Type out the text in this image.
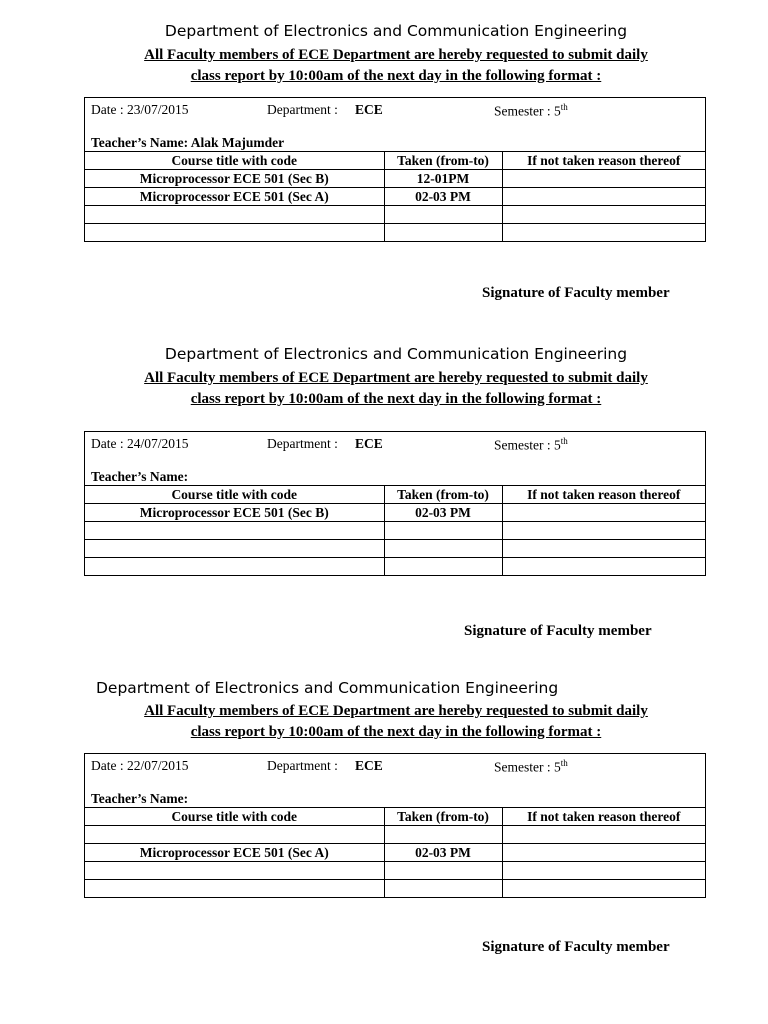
Department of Electronics and Communication Engineering
All Faculty members of ECE Department are hereby requested to submit daily
class report by 10:00am of the next day in the following format :
Date : 23/07/2015	Department : ECE	Semester : 5th
Teacher’s Name: Alak Majumder
Course title with code	Taken (from-to)	If not taken reason thereof
Microprocessor ECE 501 (Sec B)	12-01PM	
Microprocessor ECE 501 (Sec A)	02-03 PM	

Signature of Faculty member
Department of Electronics and Communication Engineering
All Faculty members of ECE Department are hereby requested to submit daily
class report by 10:00am of the next day in the following format :
Date : 24/07/2015	Department : ECE	Semester : 5th
Teacher’s Name:
Course title with code	Taken (from-to)	If not taken reason thereof
Microprocessor ECE 501 (Sec B)	02-03 PM	

Signature of Faculty member
Department of Electronics and Communication Engineering
All Faculty members of ECE Department are hereby requested to submit daily
class report by 10:00am of the next day in the following format :
Date : 22/07/2015	Department : ECE	Semester : 5th
Teacher’s Name:
Course title with code	Taken (from-to)	If not taken reason thereof

Microprocessor ECE 501 (Sec A)	02-03 PM	

Signature of Faculty member
